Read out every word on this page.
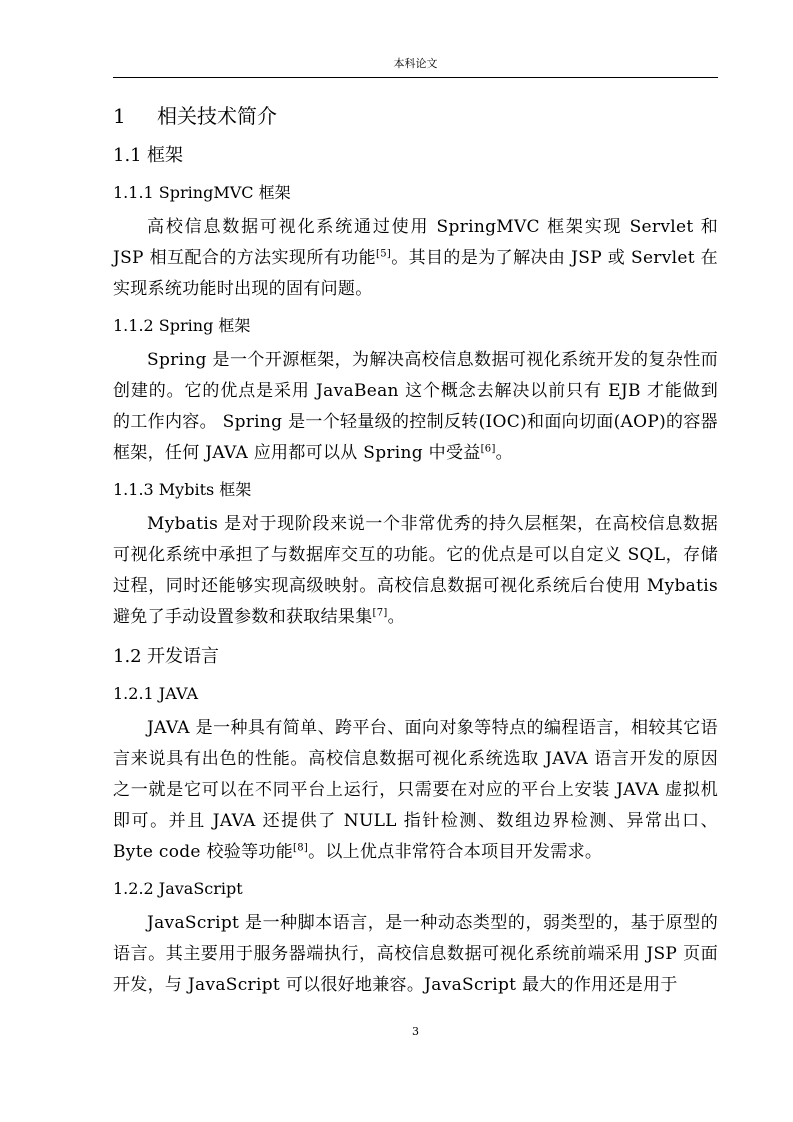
本科论文
1 相关技术简介
1.1 框架
1.1.1 SpringMVC 框架
高校信息数据可视化系统通过使用 SpringMVC 框架实现 Servlet 和 JSP 相互配合的方法实现所有功能[5]。其目的是为了解决由 JSP 或 Servlet 在实现系统功能时出现的固有问题。
1.1.2 Spring 框架
Spring 是一个开源框架，为解决高校信息数据可视化系统开发的复杂性而创建的。它的优点是采用 JavaBean 这个概念去解决以前只有 EJB 才能做到的工作内容。 Spring 是一个轻量级的控制反转(IOC)和面向切面(AOP)的容器框架，任何 JAVA 应用都可以从 Spring 中受益[6]。
1.1.3 Mybits 框架
Mybatis 是对于现阶段来说一个非常优秀的持久层框架，在高校信息数据可视化系统中承担了与数据库交互的功能。它的优点是可以自定义 SQL，存储过程，同时还能够实现高级映射。高校信息数据可视化系统后台使用 Mybatis 避免了手动设置参数和获取结果集[7]。
1.2 开发语言
1.2.1 JAVA
JAVA 是一种具有简单、跨平台、面向对象等特点的编程语言，相较其它语言来说具有出色的性能。高校信息数据可视化系统选取 JAVA 语言开发的原因之一就是它可以在不同平台上运行，只需要在对应的平台上安装 JAVA 虚拟机即可。并且 JAVA 还提供了 NULL 指针检测、数组边界检测、异常出口、Byte code 校验等功能[8]。以上优点非常符合本项目开发需求。
1.2.2 JavaScript
JavaScript 是一种脚本语言，是一种动态类型的，弱类型的，基于原型的语言。其主要用于服务器端执行，高校信息数据可视化系统前端采用 JSP 页面开发，与 JavaScript 可以很好地兼容。JavaScript 最大的作用还是用于
3
